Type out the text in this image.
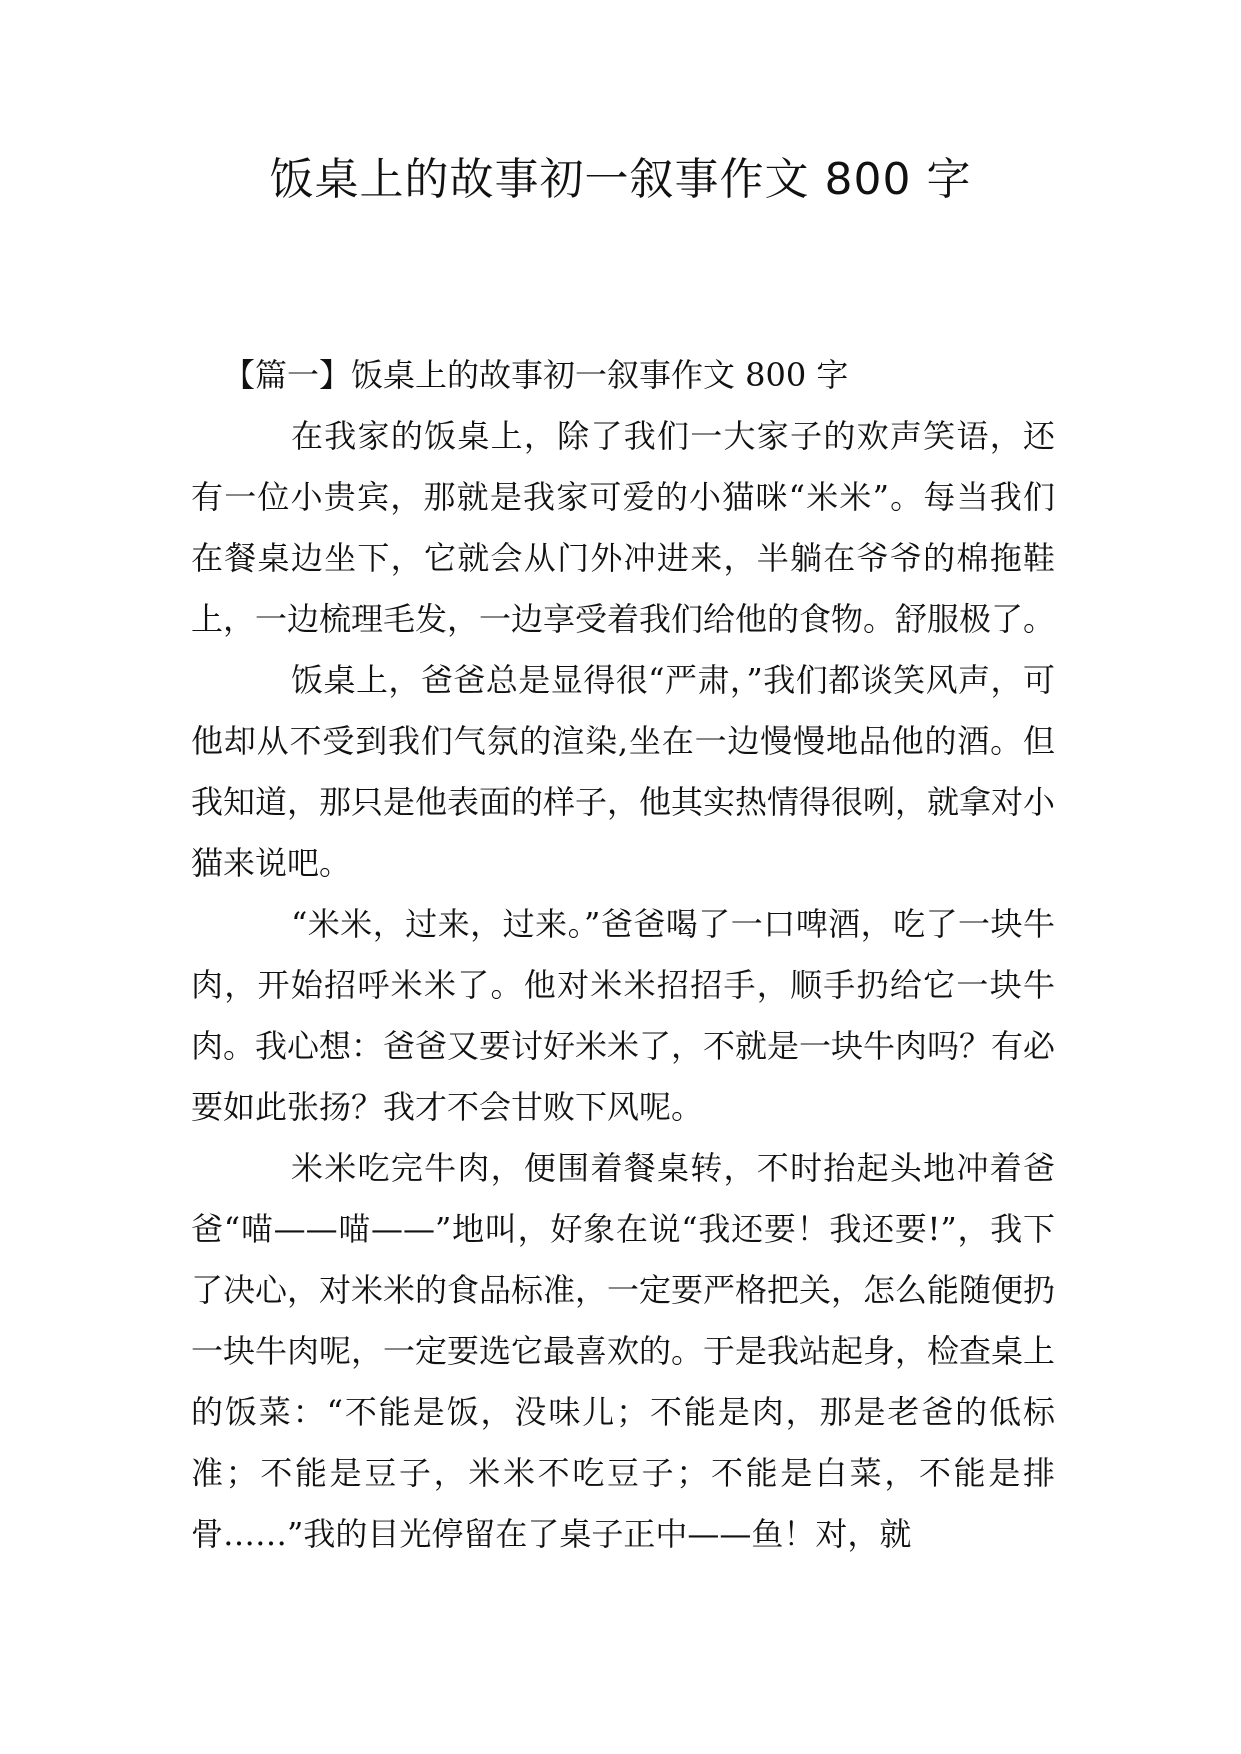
饭桌上的故事初一叙事作文 800 字

【篇一】饭桌上的故事初一叙事作文 800 字

在我家的饭桌上，除了我们一大家子的欢声笑语，还有一位小贵宾，那就是我家可爱的小猫咪“米米”。每当我们在餐桌边坐下，它就会从门外冲进来，半躺在爷爷的棉拖鞋上，一边梳理毛发，一边享受着我们给他的食物。舒服极了。

饭桌上，爸爸总是显得很“严肃，”我们都谈笑风声，可他却从不受到我们气氛的渲染,坐在一边慢慢地品他的酒。但我知道，那只是他表面的样子，他其实热情得很咧，就拿对小猫来说吧。

“米米，过来，过来。”爸爸喝了一口啤酒，吃了一块牛肉，开始招呼米米了。他对米米招招手，顺手扔给它一块牛肉。我心想：爸爸又要讨好米米了，不就是一块牛肉吗？有必要如此张扬？我才不会甘败下风呢。

米米吃完牛肉，便围着餐桌转，不时抬起头地冲着爸爸“喵——喵——”地叫，好象在说“我还要！我还要!”，我下了决心，对米米的食品标准，一定要严格把关，怎么能随便扔一块牛肉呢，一定要选它最喜欢的。于是我站起身，检查桌上的饭菜：“不能是饭，没味儿；不能是肉，那是老爸的低标准；不能是豆子，米米不吃豆子；不能是白菜，不能是排骨……”我的目光停留在了桌子正中——鱼！对，就
